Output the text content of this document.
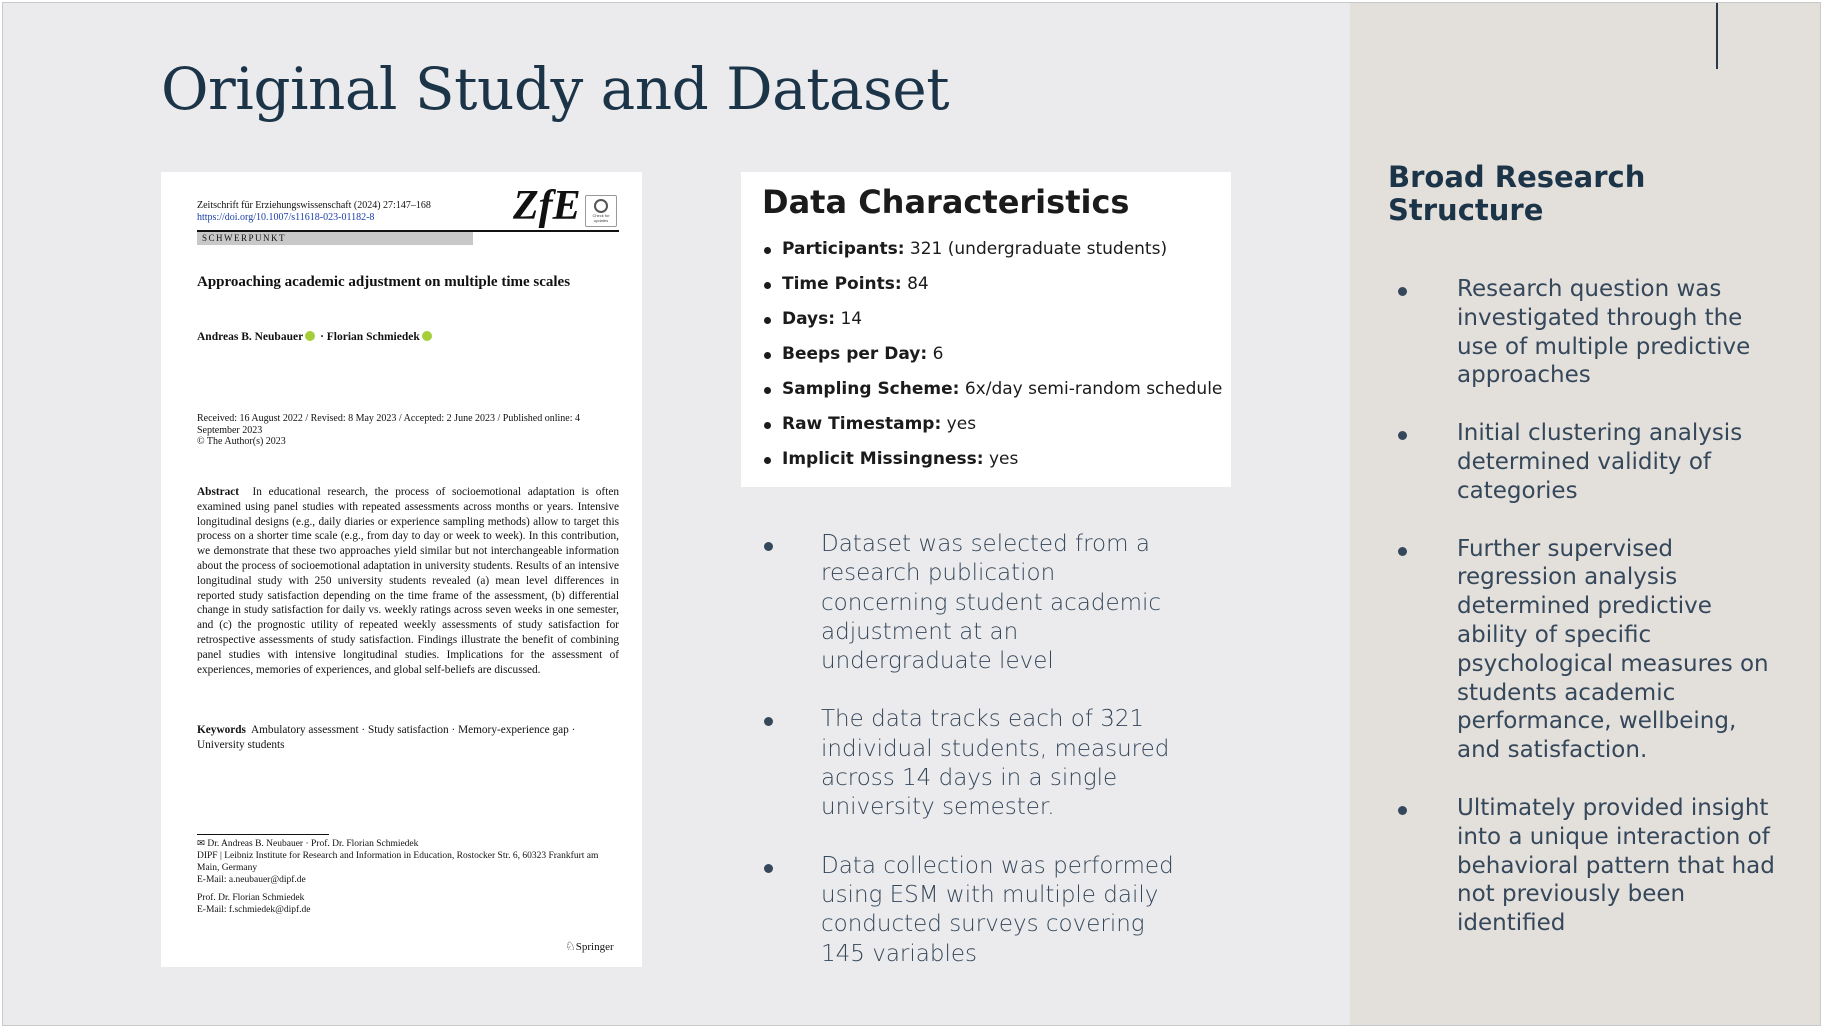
Original Study and Dataset
Zeitschrift für Erziehungswissenschaft (2024) 27:147–168
https://doi.org/10.1007/s11618-023-01182-8	ZfE	Check for updates
SCHWERPUNKT
Approaching academic adjustment on multiple time scales
Andreas B. Neubauer · Florian Schmiedek
Received: 16 August 2022 / Revised: 8 May 2023 / Accepted: 2 June 2023 / Published online: 4 September 2023
© The Author(s) 2023
Abstract In educational research, the process of socioemotional adaptation is often examined using panel studies with repeated assessments across months or years. Intensive longitudinal designs (e.g., daily diaries or experience sampling methods) allow to target this process on a shorter time scale (e.g., from day to day or week to week). In this contribution, we demonstrate that these two approaches yield similar but not interchangeable information about the process of socioemotional adaptation in university students. Results of an intensive longitudinal study with 250 university students revealed (a) mean level differences in reported study satisfaction depending on the time frame of the assessment, (b) differential change in study satisfaction for daily vs. weekly ratings across seven weeks in one semester, and (c) the prognostic utility of repeated weekly assessments of study satisfaction for retrospective assessments of study satisfaction. Findings illustrate the benefit of combining panel studies with intensive longitudinal studies. Implications for the assessment of experiences, memories of experiences, and global self-beliefs are discussed.
Keywords Ambulatory assessment · Study satisfaction · Memory-experience gap · University students
✉ Dr. Andreas B. Neubauer · Prof. Dr. Florian Schmiedek
DIPF | Leibniz Institute for Research and Information in Education, Rostocker Str. 6, 60323 Frankfurt am Main, Germany
E-Mail: a.neubauer@dipf.de
Prof. Dr. Florian Schmiedek
E-Mail: f.schmiedek@dipf.de
♘Springer
Data Characteristics
Participants: 321 (undergraduate students)
Time Points: 84
Days: 14
Beeps per Day: 6
Sampling Scheme: 6x/day semi-random schedule
Raw Timestamp: yes
Implicit Missingness: yes
Dataset was selected from a research publication concerning student academic adjustment at an undergraduate level
The data tracks each of 321 individual students, measured across 14 days in a single university semester.
Data collection was performed using ESM with multiple daily conducted surveys covering 145 variables
Broad Research Structure
Research question was investigated through the use of multiple predictive approaches
Initial clustering analysis determined validity of categories
Further supervised regression analysis determined predictive ability of specific psychological measures on students academic performance, wellbeing, and satisfaction.
Ultimately provided insight into a unique interaction of behavioral pattern that had not previously been identified
